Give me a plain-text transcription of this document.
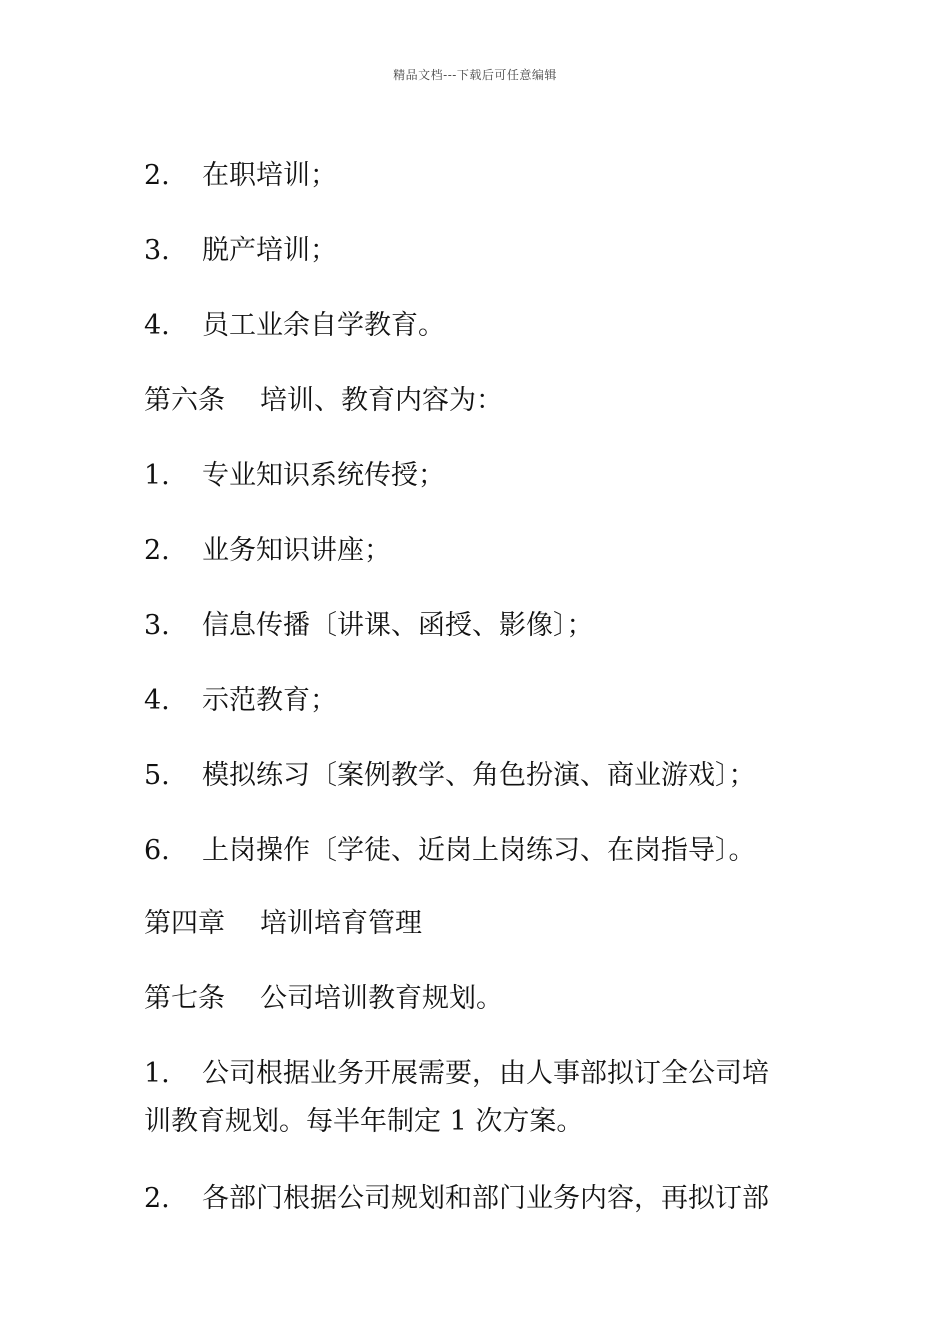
精品文档---下载后可任意编辑
2. 在职培训；
3. 脱产培训；
4. 员工业余自学教育。
第六条 培训、教育内容为：
1. 专业知识系统传授；
2. 业务知识讲座；
3. 信息传播〔讲课、函授、影像〕；
4. 示范教育；
5. 模拟练习〔案例教学、角色扮演、商业游戏〕；
6. 上岗操作〔学徒、近岗上岗练习、在岗指导〕。
第四章 培训培育管理
第七条 公司培训教育规划。
1. 公司根据业务开展需要，由人事部拟订全公司培
训教育规划。每半年制定 1 次方案。
2. 各部门根据公司规划和部门业务内容，再拟订部
